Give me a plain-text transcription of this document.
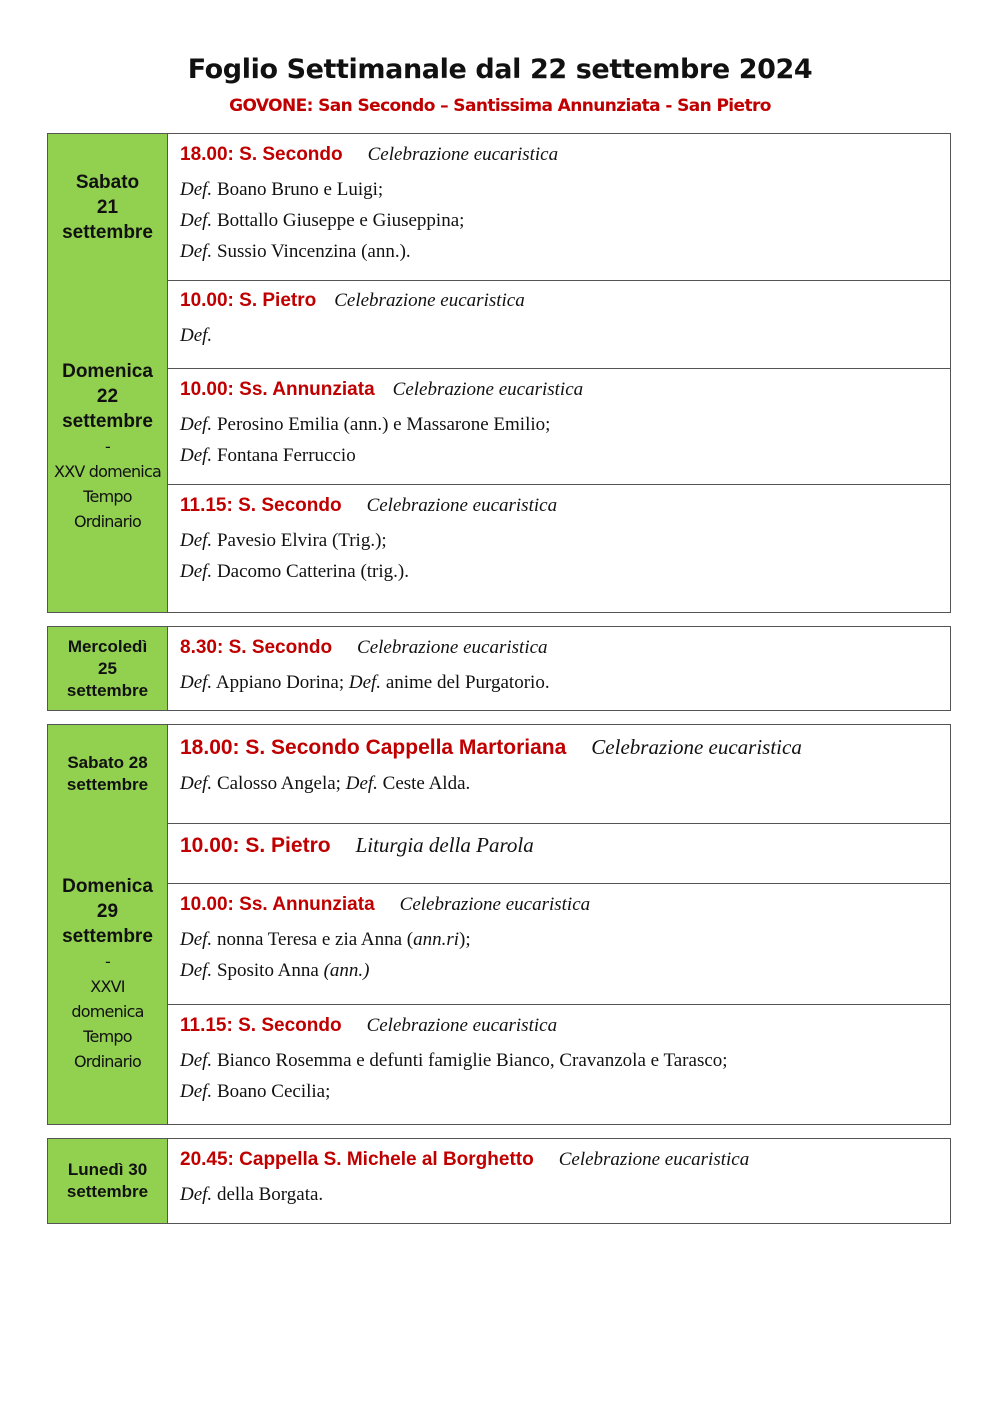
Foglio Settimanale dal 22 settembre 2024
GOVONE: San Secondo – Santissima Annunziata - San Pietro
Sabato
21
settembre
18.00: S. Secondo Celebrazione eucaristica
Def. Boano Bruno e Luigi;
Def. Bottallo Giuseppe e Giuseppina;
Def. Sussio Vincenzina (ann.).
Domenica
22
settembre
-
XXV domenica
Tempo
Ordinario
10.00: S. Pietro Celebrazione eucaristica
Def.
10.00: Ss. Annunziata Celebrazione eucaristica
Def. Perosino Emilia (ann.) e Massarone Emilio;
Def. Fontana Ferruccio
11.15: S. Secondo Celebrazione eucaristica
Def. Pavesio Elvira (Trig.);
Def. Dacomo Catterina (trig.).
Mercoledì
25
settembre
8.30: S. Secondo Celebrazione eucaristica
Def. Appiano Dorina; Def. anime del Purgatorio.
Sabato 28
settembre
18.00: S. Secondo Cappella Martoriana Celebrazione eucaristica
Def. Calosso Angela; Def. Ceste Alda.
Domenica
29
settembre
-
XXVI
domenica
Tempo
Ordinario
10.00: S. Pietro Liturgia della Parola
10.00: Ss. Annunziata Celebrazione eucaristica
Def. nonna Teresa e zia Anna (ann.ri);
Def. Sposito Anna (ann.)
11.15: S. Secondo Celebrazione eucaristica
Def. Bianco Rosemma e defunti famiglie Bianco, Cravanzola e Tarasco;
Def. Boano Cecilia;
Lunedì 30
settembre
20.45: Cappella S. Michele al Borghetto Celebrazione eucaristica
Def. della Borgata.
